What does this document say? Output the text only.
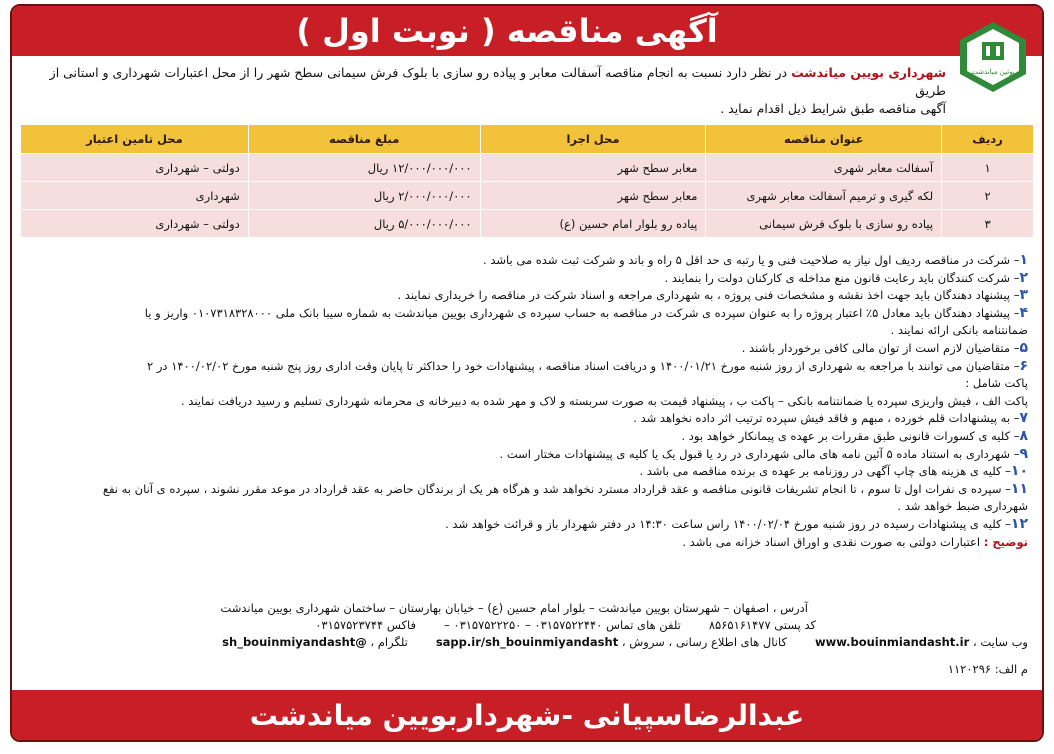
آگهی مناقصه ( نوبت اول )
بوئین میاندشت
شهرداری بویین میاندشت در نظر دارد نسبت به انجام مناقصه آسفالت معابر و پیاده رو سازی با بلوک فرش سیمانی سطح شهر را از محل اعتبارات شهرداری و استانی از طریق
آگهی مناقصه طبق شرایط ذیل اقدام نماید .
ردیف	عنوان مناقصه	محل اجرا	مبلغ مناقصه	محل تامین اعتبار
۱	آسفالت معابر شهری	معابر سطح شهر	۱۲/۰۰۰/۰۰۰/۰۰۰ ریال	دولتی – شهرداری
۲	لکه گیری و ترمیم آسفالت معابر شهری	معابر سطح شهر	۲/۰۰۰/۰۰۰/۰۰۰ ریال	شهرداری
۳	پیاده رو سازی با بلوک فرش سیمانی	پیاده رو بلوار امام حسین (ع)	۵/۰۰۰/۰۰۰/۰۰۰ ریال	دولتی – شهرداری

۱– شرکت در مناقصه ردیف اول نیاز به صلاحیت فنی و یا رتبه ی حد اقل ۵ راه و باند و شرکت ثبت شده می باشد .

۲– شرکت کنندگان باید رعایت قانون منع مداخله ی کارکنان دولت را بنمایند .

۳– پیشنهاد دهندگان باید جهت اخذ نقشه و مشخصات فنی پروژه ، به شهرداری مراجعه و اسناد شرکت در مناقصه را خریداری نمایند .

۴– پیشنهاد دهندگان باید معادل ۵٪ اعتبار پروژه را به عنوان سپرده ی شرکت در مناقصه به حساب سپرده ی شهرداری بویین میاندشت به شماره سیبا بانک ملی ۰۱۰۷۳۱۸۳۲۸۰۰۰ واریز و یا

ضمانتنامه بانکی ارائه نمایند .

۵– متقاضیان لازم است از توان مالی کافی برخوردار باشند .

۶– متقاضیان می توانند با مراجعه به شهرداری از روز شنبه مورخ ۱۴۰۰/۰۱/۲۱ و دریافت اسناد مناقصه ، پیشنهادات خود را حداکثر تا پایان وقت اداری روز پنج شنبه مورخ ۱۴۰۰/۰۲/۰۲ در ۲

پاکت شامل :

پاکت الف ، فیش واریزی سپرده یا ضمانتنامه بانکی – پاکت ب ، پیشنهاد قیمت به صورت سربسته و لاک و مهر شده به دبیرخانه ی محرمانه شهرداری تسلیم و رسید دریافت نمایند .

۷– به پیشنهادات قلم خورده ، مبهم و فاقد فیش سپرده ترتیب اثر داده نخواهد شد .

۸– کلیه ی کسورات قانونی طبق مقررات بر عهده ی پیمانکار خواهد بود .

۹– شهرداری به استناد ماده ۵ آئین نامه های مالی شهرداری در رد یا قبول یک یا کلیه ی پیشنهادات مختار است .

۱۰– کلیه ی هزینه های چاپ آگهی در روزنامه بر عهده ی برنده مناقصه می باشد .

۱۱– سپرده ی نفرات اول تا سوم ، تا انجام تشریفات قانونی مناقصه و عقد قرارداد مسترد نخواهد شد و هرگاه هر یک از برندگان حاضر به عقد قرارداد در موعد مقرر نشوند ، سپرده ی آنان به نفع

شهرداری ضبط خواهد شد .

۱۲– کلیه ی پیشنهادات رسیده در روز شنبه مورخ ۱۴۰۰/۰۲/۰۴ راس ساعت ۱۴:۳۰ در دفتر شهردار باز و قرائت خواهد شد .

توضیح : اعتبارات دولتی به صورت نقدی و اوراق اسناد خزانه می باشد .

آدرس ، اصفهان – شهرستان بویین میاندشت – بلوار امام حسین (ع) – خیابان بهارستان – ساختمان شهرداری بویین میاندشت
کد پستی ۸۵۶۵۱۶۱۴۷۷
تلفن های تماس ۰۳۱۵۷۵۲۲۴۴۰ – ۰۳۱۵۷۵۲۲۲۵۰ –
فاکس ۰۳۱۵۷۵۲۳۷۴۴
وب سایت ، www.bouinmiandasht.ir
کانال های اطلاع رسانی ، سروش ، sapp.ir/sh_bouinmiyandasht
تلگرام ، @sh_bouinmiyandasht
م الف: ۱۱۲۰۲۹۶
عبدالرضاسپیانی -شهرداربویین میاندشت
